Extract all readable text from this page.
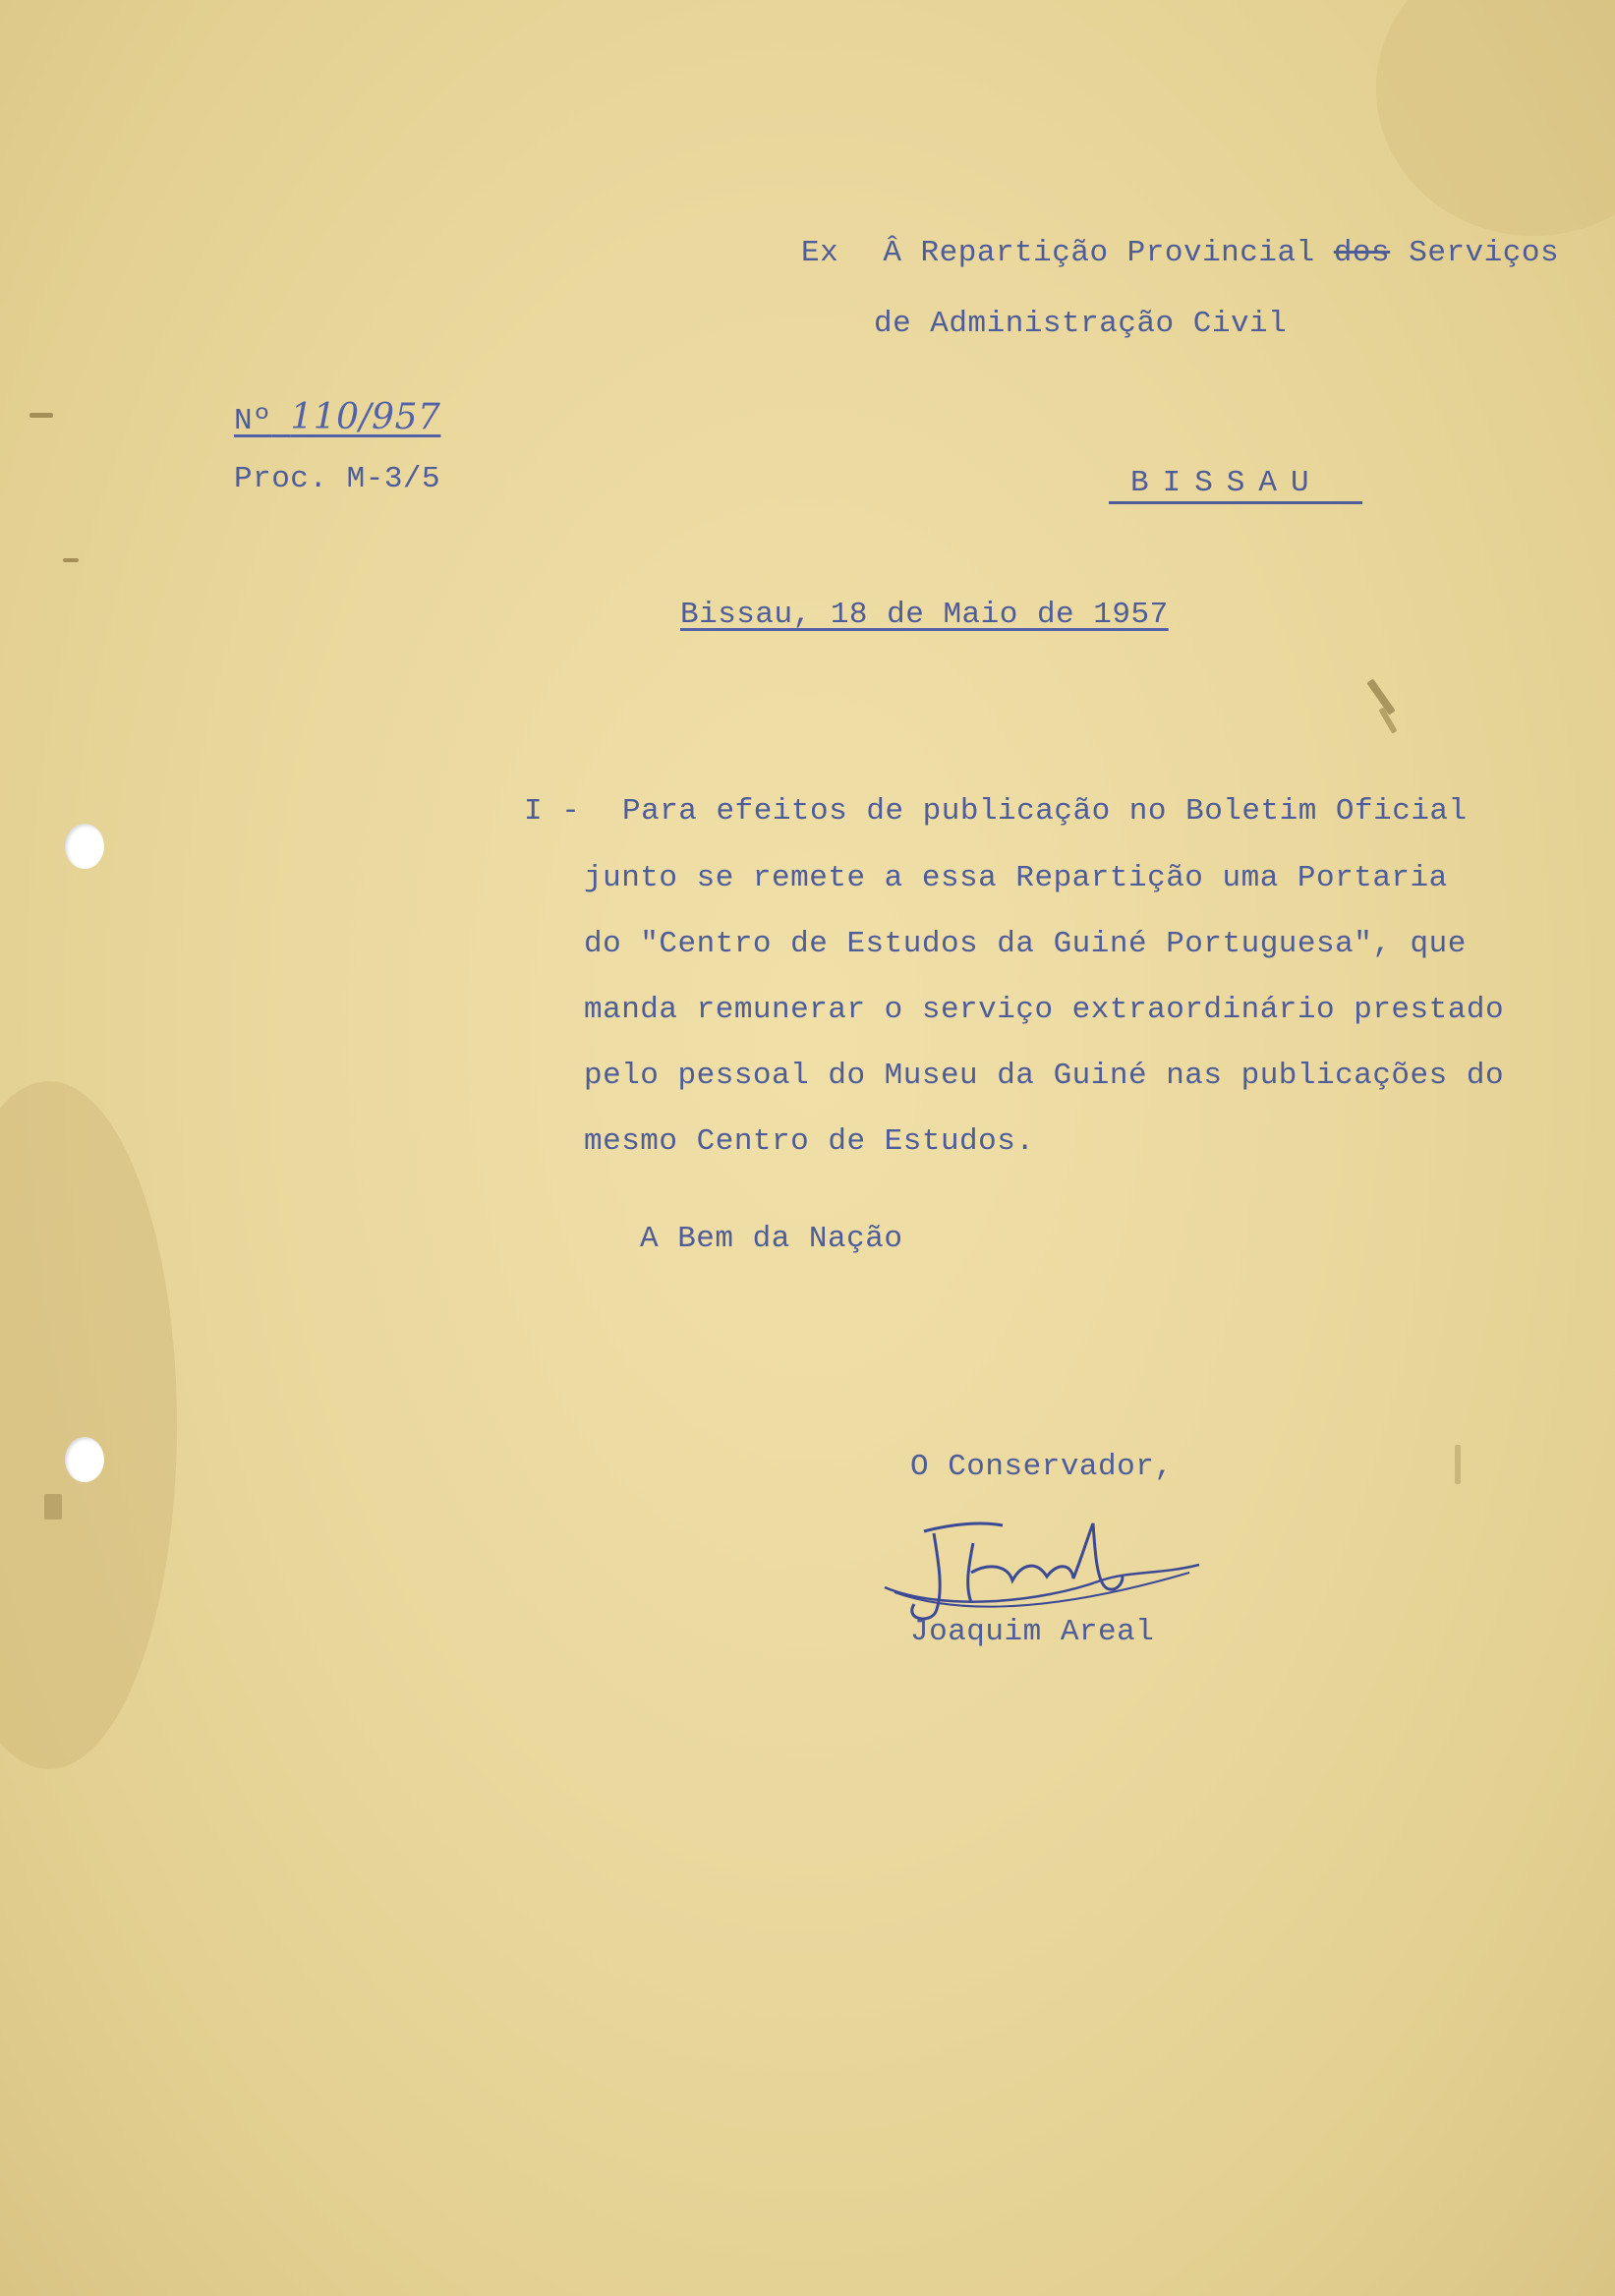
Ex Â Repartição Provincial dos Serviços
de Administração Civil
Nº 110/957
Proc. M-3/5	BISSAU
Bissau, 18 de Maio de 1957
I - Para efeitos de publicação no Boletim Oficial
junto se remete a essa Repartição uma Portaria
do "Centro de Estudos da Guiné Portuguesa", que
manda remunerar o serviço extraordinário prestado
pelo pessoal do Museu da Guiné nas publicações do
mesmo Centro de Estudos.
A Bem da Nação
O Conservador,
Joaquim Areal
